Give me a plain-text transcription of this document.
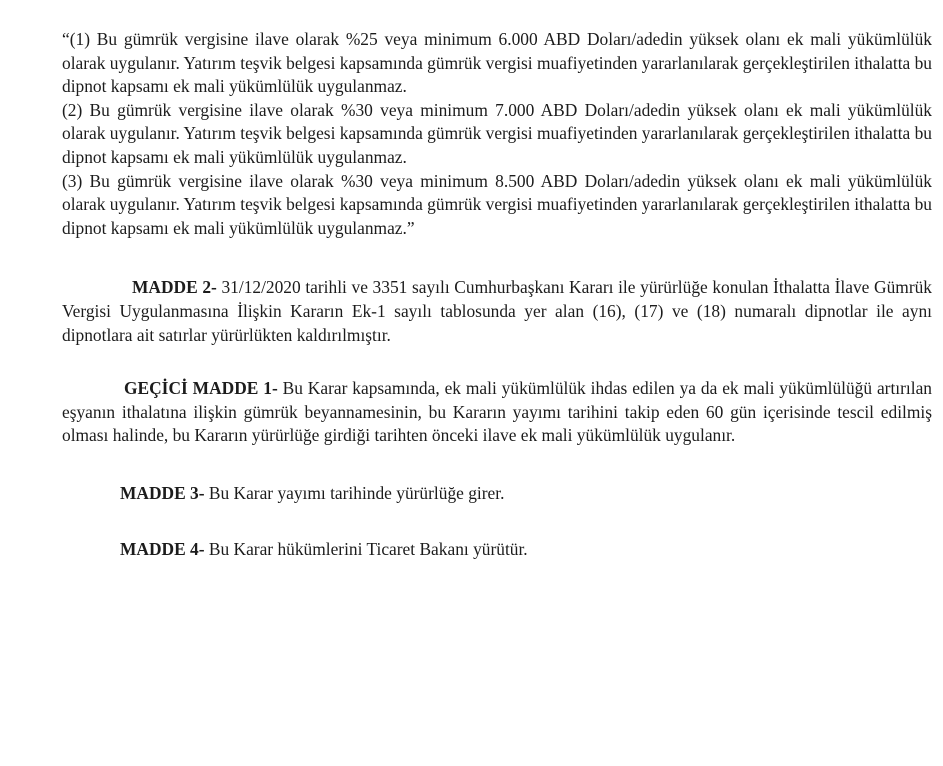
“(1) Bu gümrük vergisine ilave olarak %25 veya minimum 6.000 ABD Doları/adedin yüksek olanı ek mali yükümlülük olarak uygulanır. Yatırım teşvik belgesi kapsamında gümrük vergisi muafiyetinden yararlanılarak gerçekleştirilen ithalatta bu dipnot kapsamı ek mali yükümlülük uygulanmaz.

(2) Bu gümrük vergisine ilave olarak %30 veya minimum 7.000 ABD Doları/adedin yüksek olanı ek mali yükümlülük olarak uygulanır. Yatırım teşvik belgesi kapsamında gümrük vergisi muafiyetinden yararlanılarak gerçekleştirilen ithalatta bu dipnot kapsamı ek mali yükümlülük uygulanmaz.

(3) Bu gümrük vergisine ilave olarak %30 veya minimum 8.500 ABD Doları/adedin yüksek olanı ek mali yükümlülük olarak uygulanır. Yatırım teşvik belgesi kapsamında gümrük vergisi muafiyetinden yararlanılarak gerçekleştirilen ithalatta bu dipnot kapsamı ek mali yükümlülük uygulanmaz.”

MADDE 2- 31/12/2020 tarihli ve 3351 sayılı Cumhurbaşkanı Kararı ile yürürlüğe konulan İthalatta İlave Gümrük Vergisi Uygulanmasına İlişkin Kararın Ek-1 sayılı tablosunda yer alan (16), (17) ve (18) numaralı dipnotlar ile aynı dipnotlara ait satırlar yürürlükten kaldırılmıştır.

GEÇİCİ MADDE 1- Bu Karar kapsamında, ek mali yükümlülük ihdas edilen ya da ek mali yükümlülüğü artırılan eşyanın ithalatına ilişkin gümrük beyannamesinin, bu Kararın yayımı tarihini takip eden 60 gün içerisinde tescil edilmiş olması halinde, bu Kararın yürürlüğe girdiği tarihten önceki ilave ek mali yükümlülük uygulanır.

MADDE 3- Bu Karar yayımı tarihinde yürürlüğe girer.

MADDE 4- Bu Karar hükümlerini Ticaret Bakanı yürütür.
